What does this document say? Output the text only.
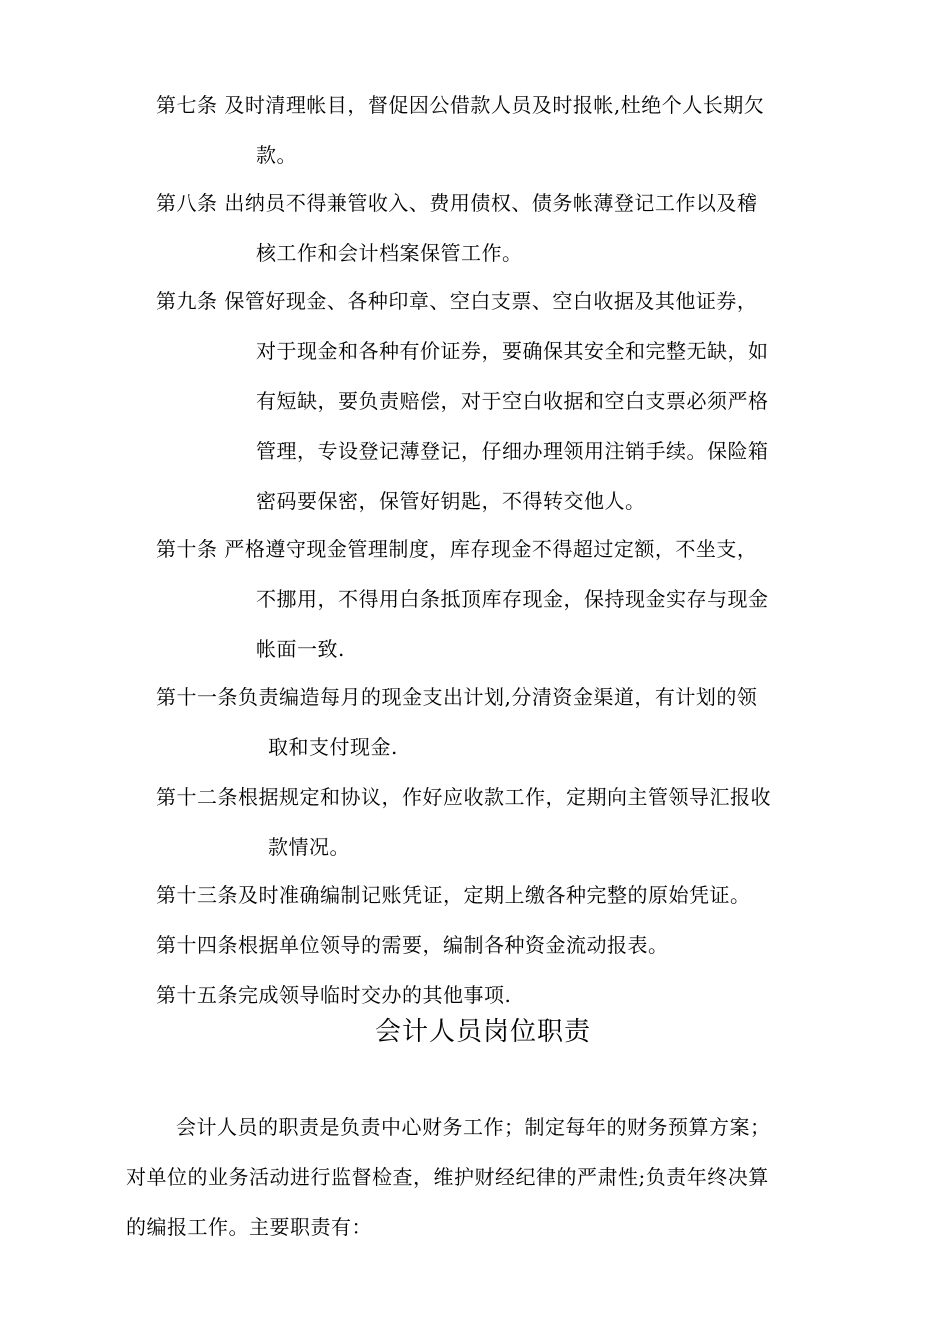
第七条 及时清理帐目，督促因公借款人员及时报帐,杜绝个人长期欠
款。
第八条 出纳员不得兼管收入、费用债权、债务帐薄登记工作以及稽
核工作和会计档案保管工作。
第九条 保管好现金、各种印章、空白支票、空白收据及其他证券，
对于现金和各种有价证券，要确保其安全和完整无缺，如
有短缺，要负责赔偿，对于空白收据和空白支票必须严格
管理，专设登记薄登记，仔细办理领用注销手续。保险箱
密码要保密，保管好钥匙，不得转交他人。
第十条 严格遵守现金管理制度，库存现金不得超过定额，不坐支，
不挪用，不得用白条抵顶库存现金，保持现金实存与现金
帐面一致.
第十一条负责编造每月的现金支出计划,分清资金渠道，有计划的领
取和支付现金.
第十二条根据规定和协议，作好应收款工作，定期向主管领导汇报收
款情况。
第十三条及时准确编制记账凭证，定期上缴各种完整的原始凭证。
第十四条根据单位领导的需要，编制各种资金流动报表。
第十五条完成领导临时交办的其他事项.
会计人员岗位职责
会计人员的职责是负责中心财务工作；制定每年的财务预算方案；
对单位的业务活动进行监督检查，维护财经纪律的严肃性;负责年终决算
的编报工作。主要职责有：
